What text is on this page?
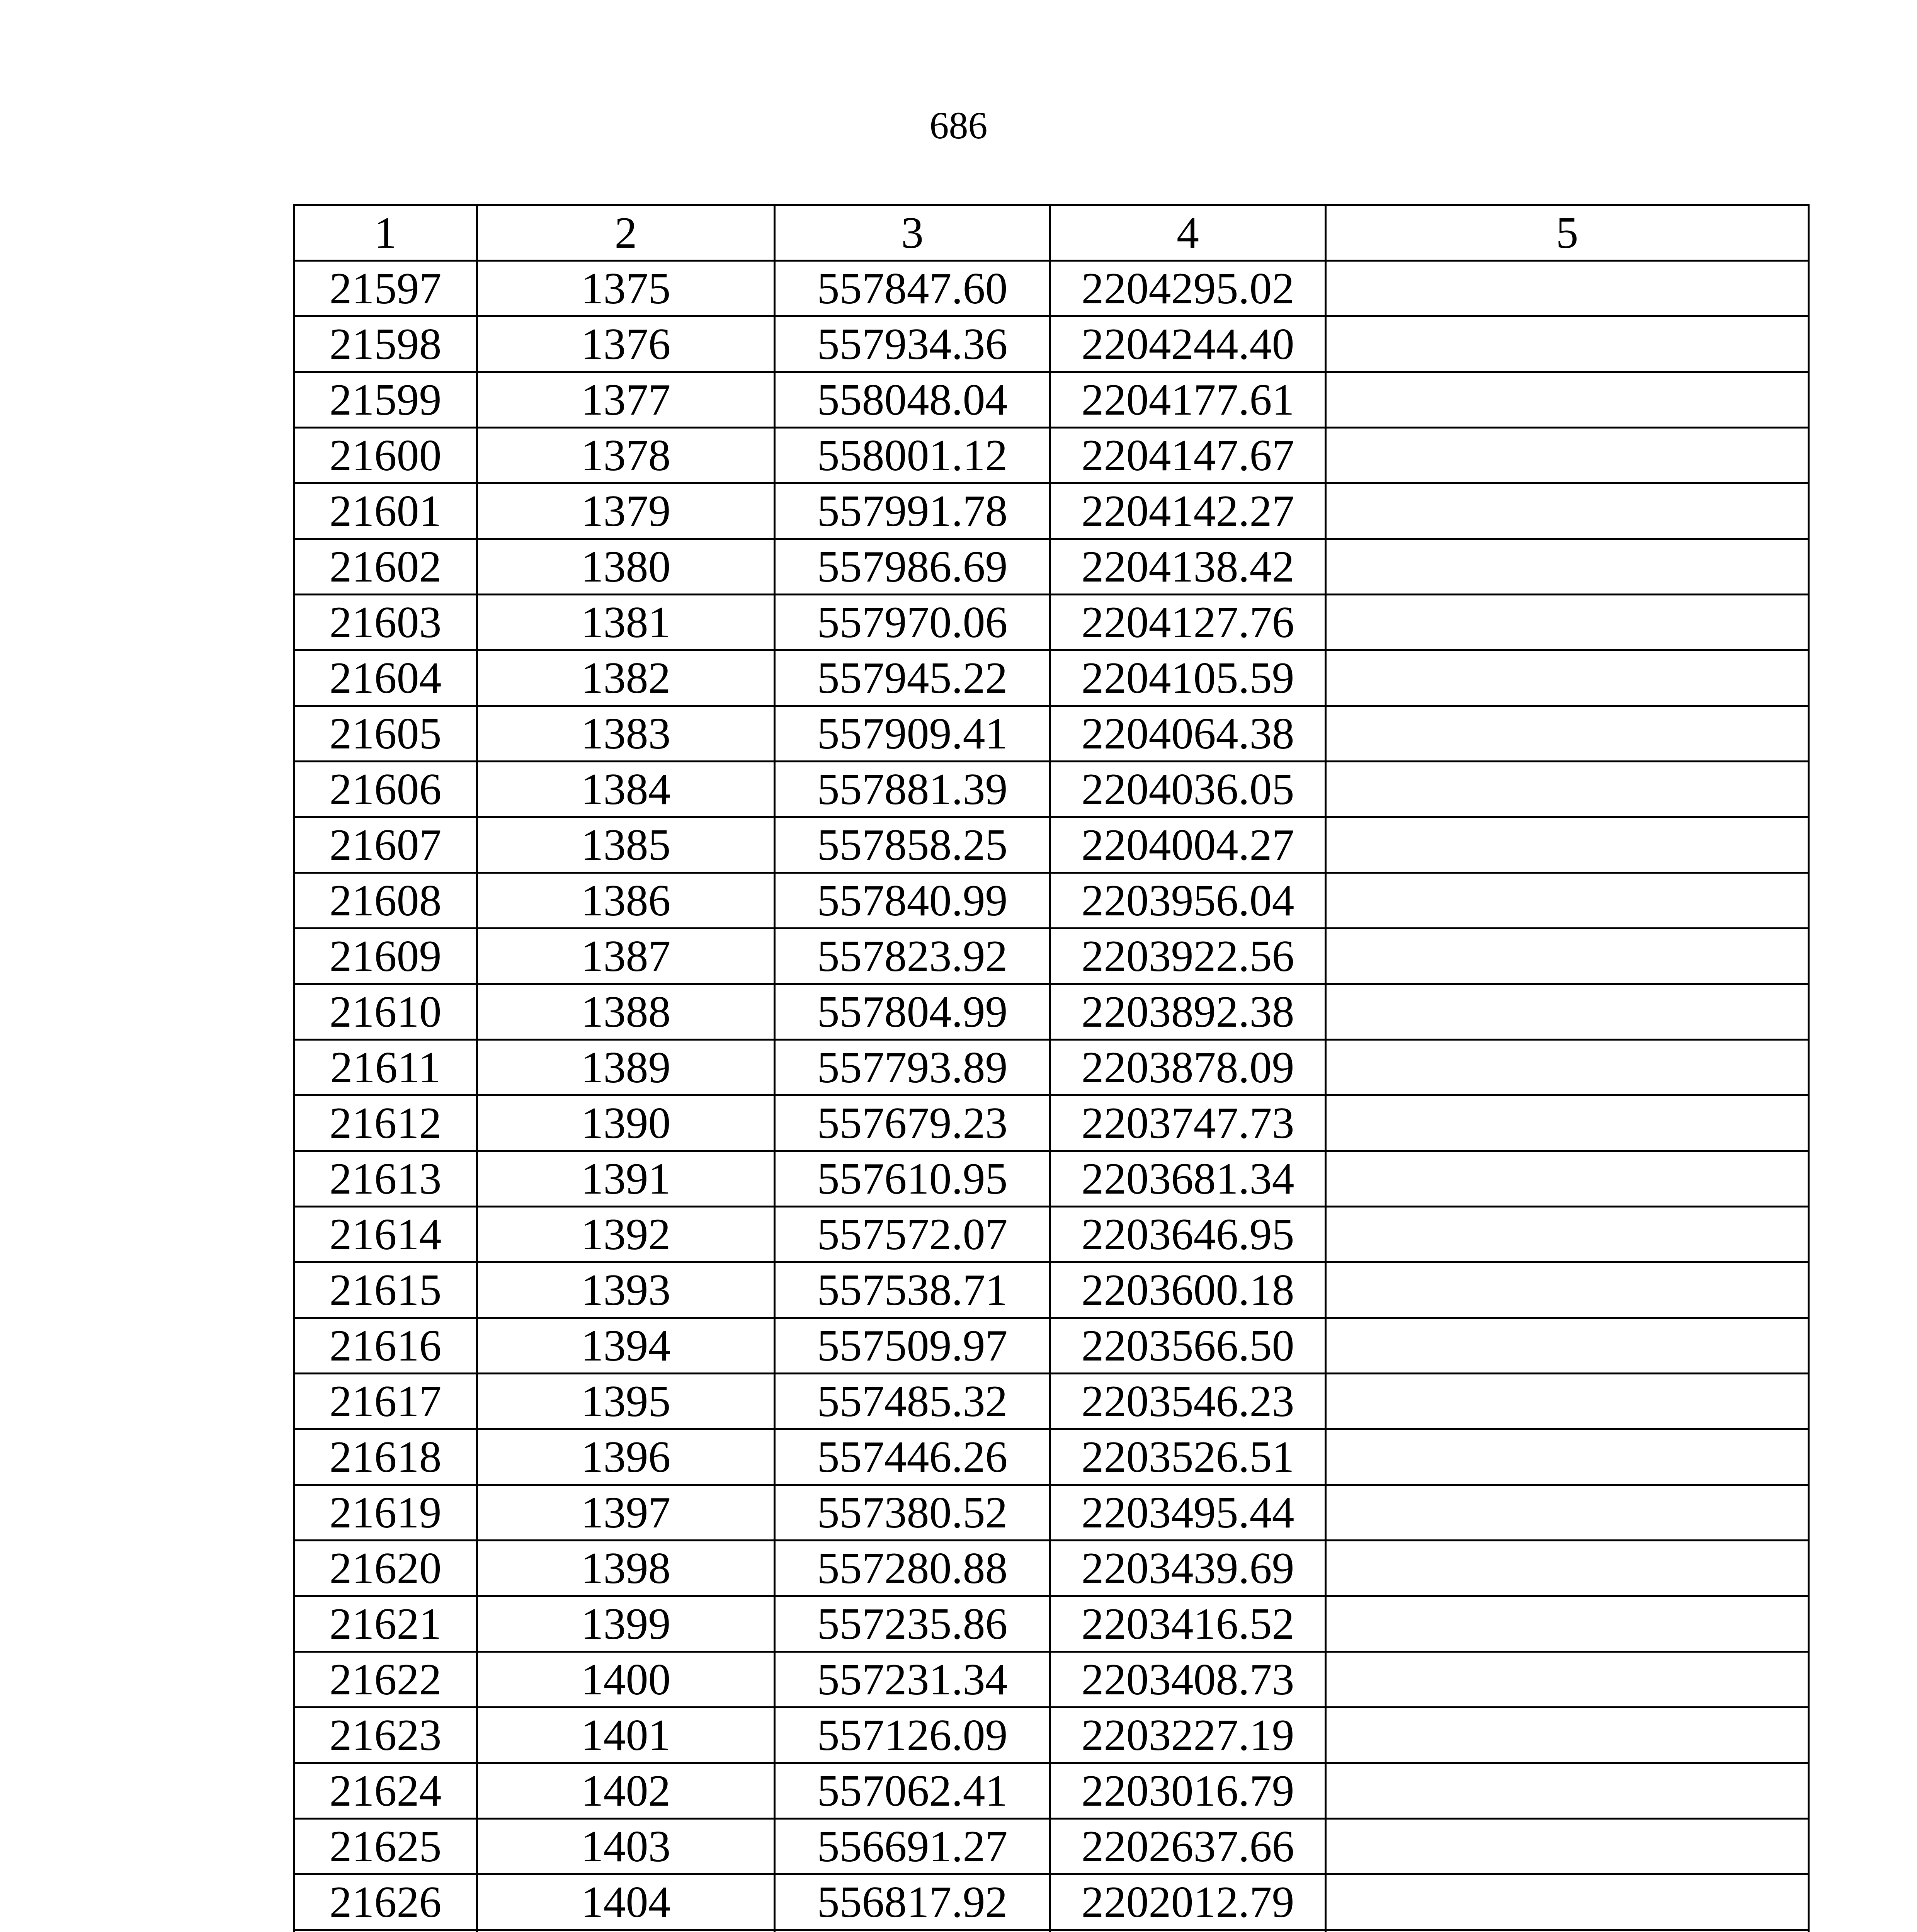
686
1	2	3	4	5
21597	1375	557847.60	2204295.02	
21598	1376	557934.36	2204244.40	
21599	1377	558048.04	2204177.61	
21600	1378	558001.12	2204147.67	
21601	1379	557991.78	2204142.27	
21602	1380	557986.69	2204138.42	
21603	1381	557970.06	2204127.76	
21604	1382	557945.22	2204105.59	
21605	1383	557909.41	2204064.38	
21606	1384	557881.39	2204036.05	
21607	1385	557858.25	2204004.27	
21608	1386	557840.99	2203956.04	
21609	1387	557823.92	2203922.56	
21610	1388	557804.99	2203892.38	
21611	1389	557793.89	2203878.09	
21612	1390	557679.23	2203747.73	
21613	1391	557610.95	2203681.34	
21614	1392	557572.07	2203646.95	
21615	1393	557538.71	2203600.18	
21616	1394	557509.97	2203566.50	
21617	1395	557485.32	2203546.23	
21618	1396	557446.26	2203526.51	
21619	1397	557380.52	2203495.44	
21620	1398	557280.88	2203439.69	
21621	1399	557235.86	2203416.52	
21622	1400	557231.34	2203408.73	
21623	1401	557126.09	2203227.19	
21624	1402	557062.41	2203016.79	
21625	1403	556691.27	2202637.66	
21626	1404	556817.92	2202012.79	
